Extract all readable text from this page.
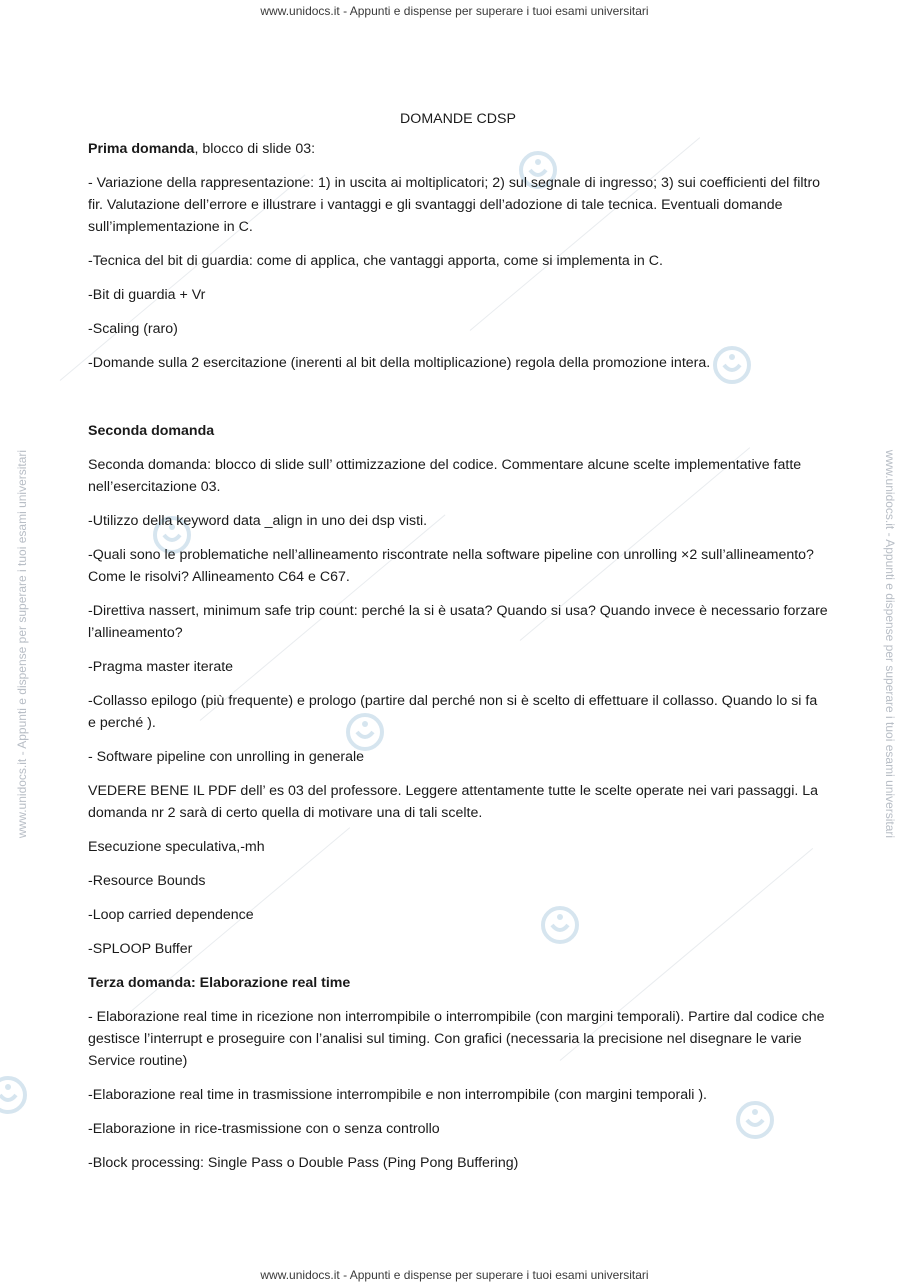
www.unidocs.it - Appunti e dispense per superare i tuoi esami universitari
www.unidocs.it - Appunti e dispense per superare i tuoi esami universitari
www.unidocs.it - Appunti e dispense per superare i tuoi esami universitari	www.unidocs.it - Appunti e dispense per superare i tuoi esami universitari

DOMANDE CDSP

Prima domanda, blocco di slide 03:

- Variazione della rappresentazione: 1) in uscita ai moltiplicatori; 2) sul segnale di ingresso; 3) sui coefficienti del filtro fir. Valutazione dell’errore e illustrare i vantaggi e gli svantaggi dell’adozione di tale tecnica. Eventuali domande sull’implementazione in C.

-Tecnica del bit di guardia: come di applica, che vantaggi apporta, come si implementa in C.

-Bit di guardia + Vr

-Scaling (raro)

-Domande sulla 2 esercitazione (inerenti al bit della moltiplicazione) regola della promozione intera.

Seconda domanda

Seconda domanda: blocco di slide sull’ ottimizzazione del codice. Commentare alcune scelte implementative fatte nell’esercitazione 03.

-Utilizzo della keyword data _align in uno dei dsp visti.

-Quali sono le problematiche nell’allineamento riscontrate nella software pipeline con unrolling ×2 sull’allineamento? Come le risolvi? Allineamento C64 e C67.

-Direttiva nassert, minimum safe trip count: perché la si è usata? Quando si usa? Quando invece è necessario forzare l’allineamento?

-Pragma master iterate

-Collasso epilogo (più frequente) e prologo (partire dal perché non si è scelto di effettuare il collasso. Quando lo si fa e perché ).

- Software pipeline con unrolling in generale

VEDERE BENE IL PDF dell’ es 03 del professore. Leggere attentamente tutte le scelte operate nei vari passaggi. La domanda nr 2 sarà di certo quella di motivare una di tali scelte.

Esecuzione speculativa,-mh

-Resource Bounds

-Loop carried dependence

-SPLOOP Buffer

Terza domanda: Elaborazione real time

- Elaborazione real time in ricezione non interrompibile o interrompibile (con margini temporali). Partire dal codice che gestisce l’interrupt e proseguire con l’analisi sul timing. Con grafici (necessaria la precisione nel disegnare le varie Service routine)

-Elaborazione real time in trasmissione interrompibile e non interrompibile (con margini temporali ).

-Elaborazione in rice-trasmissione con o senza controllo

-Block processing: Single Pass o Double Pass (Ping Pong Buffering)
